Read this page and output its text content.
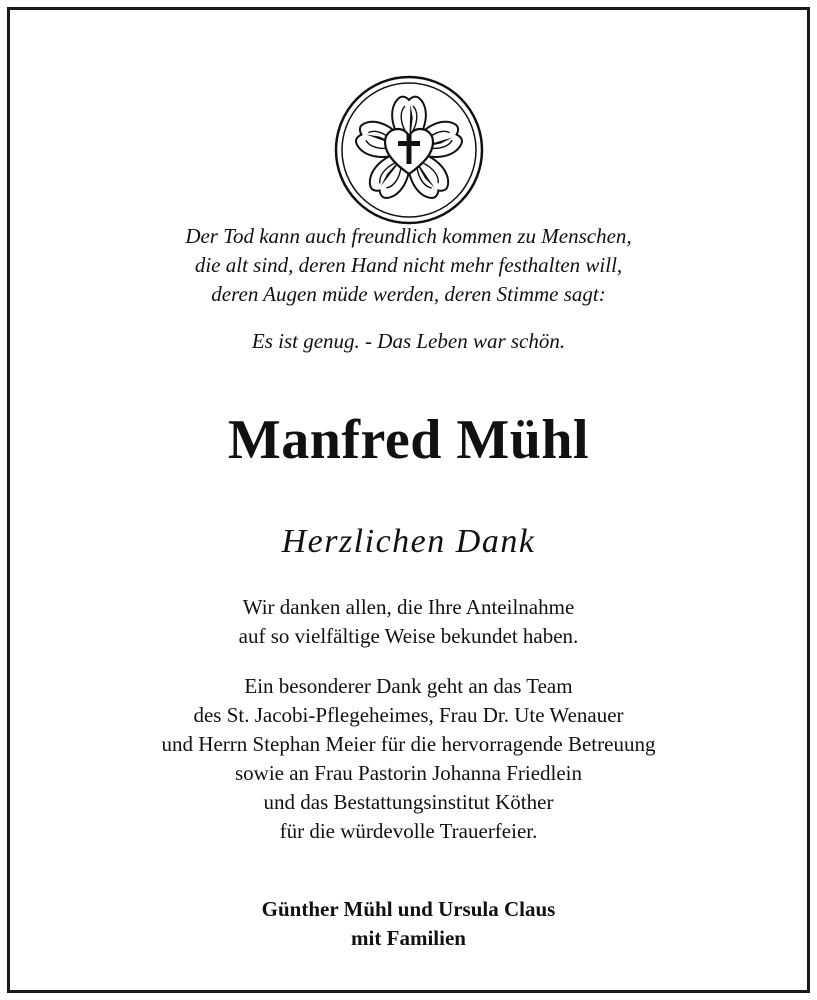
Der Tod kann auch freundlich kommen zu Menschen,
die alt sind, deren Hand nicht mehr festhalten will,
deren Augen müde werden, deren Stimme sagt:
Es ist genug. - Das Leben war schön.
Manfred Mühl
Herzlichen Dank
Wir danken allen, die Ihre Anteilnahme
auf so vielfältige Weise bekundet haben.
Ein besonderer Dank geht an das Team
des St. Jacobi-Pflegeheimes, Frau Dr. Ute Wenauer
und Herrn Stephan Meier für die hervorragende Betreuung
sowie an Frau Pastorin Johanna Friedlein
und das Bestattungsinstitut Köther
für die würdevolle Trauerfeier.
Günther Mühl und Ursula Claus
mit Familien
